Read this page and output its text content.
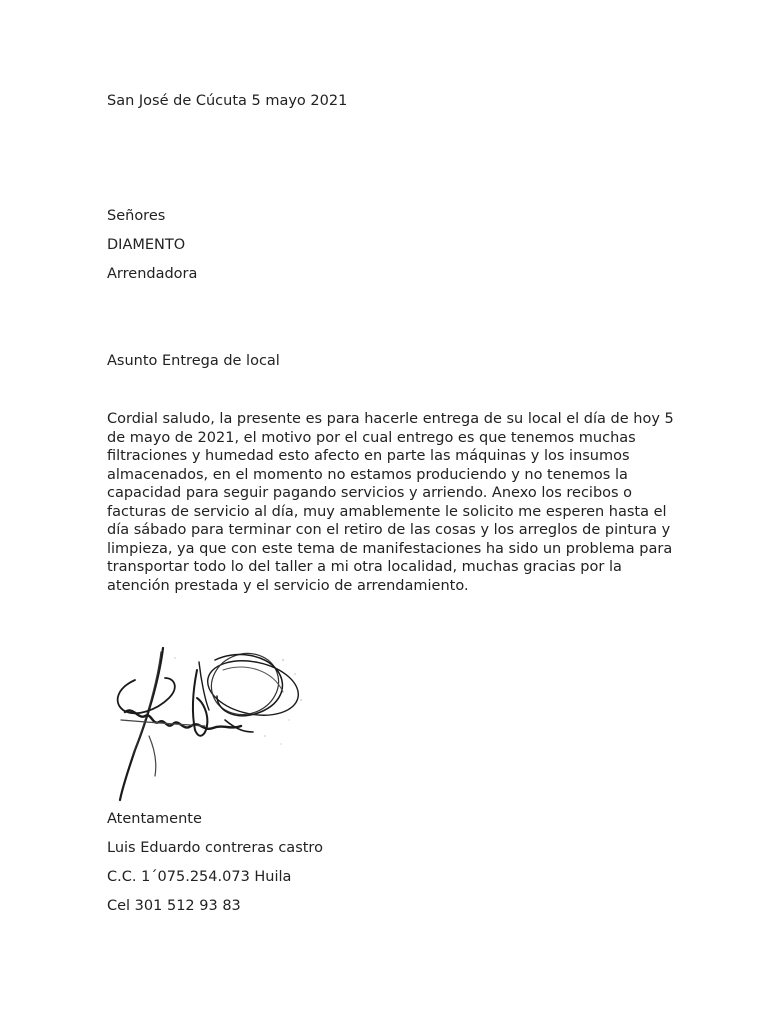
San José de Cúcuta 5 mayo 2021
Señores
DIAMENTO
Arrendadora
Asunto Entrega de local
Cordial saludo, la presente es para hacerle entrega de su local el día de hoy 5
de mayo de 2021, el motivo por el cual entrego es que tenemos muchas
filtraciones y humedad esto afecto en parte las máquinas y los insumos
almacenados, en el momento no estamos produciendo y no tenemos la
capacidad para seguir pagando servicios y arriendo. Anexo los recibos o
facturas de servicio al día, muy amablemente le solicito me esperen hasta el
día sábado para terminar con el retiro de las cosas y los arreglos de pintura y
limpieza, ya que con este tema de manifestaciones ha sido un problema para
transportar todo lo del taller a mi otra localidad, muchas gracias por la
atención prestada y el servicio de arrendamiento.
Atentamente
Luis Eduardo contreras castro
C.C. 1´075.254.073 Huila
Cel 301 512 93 83
